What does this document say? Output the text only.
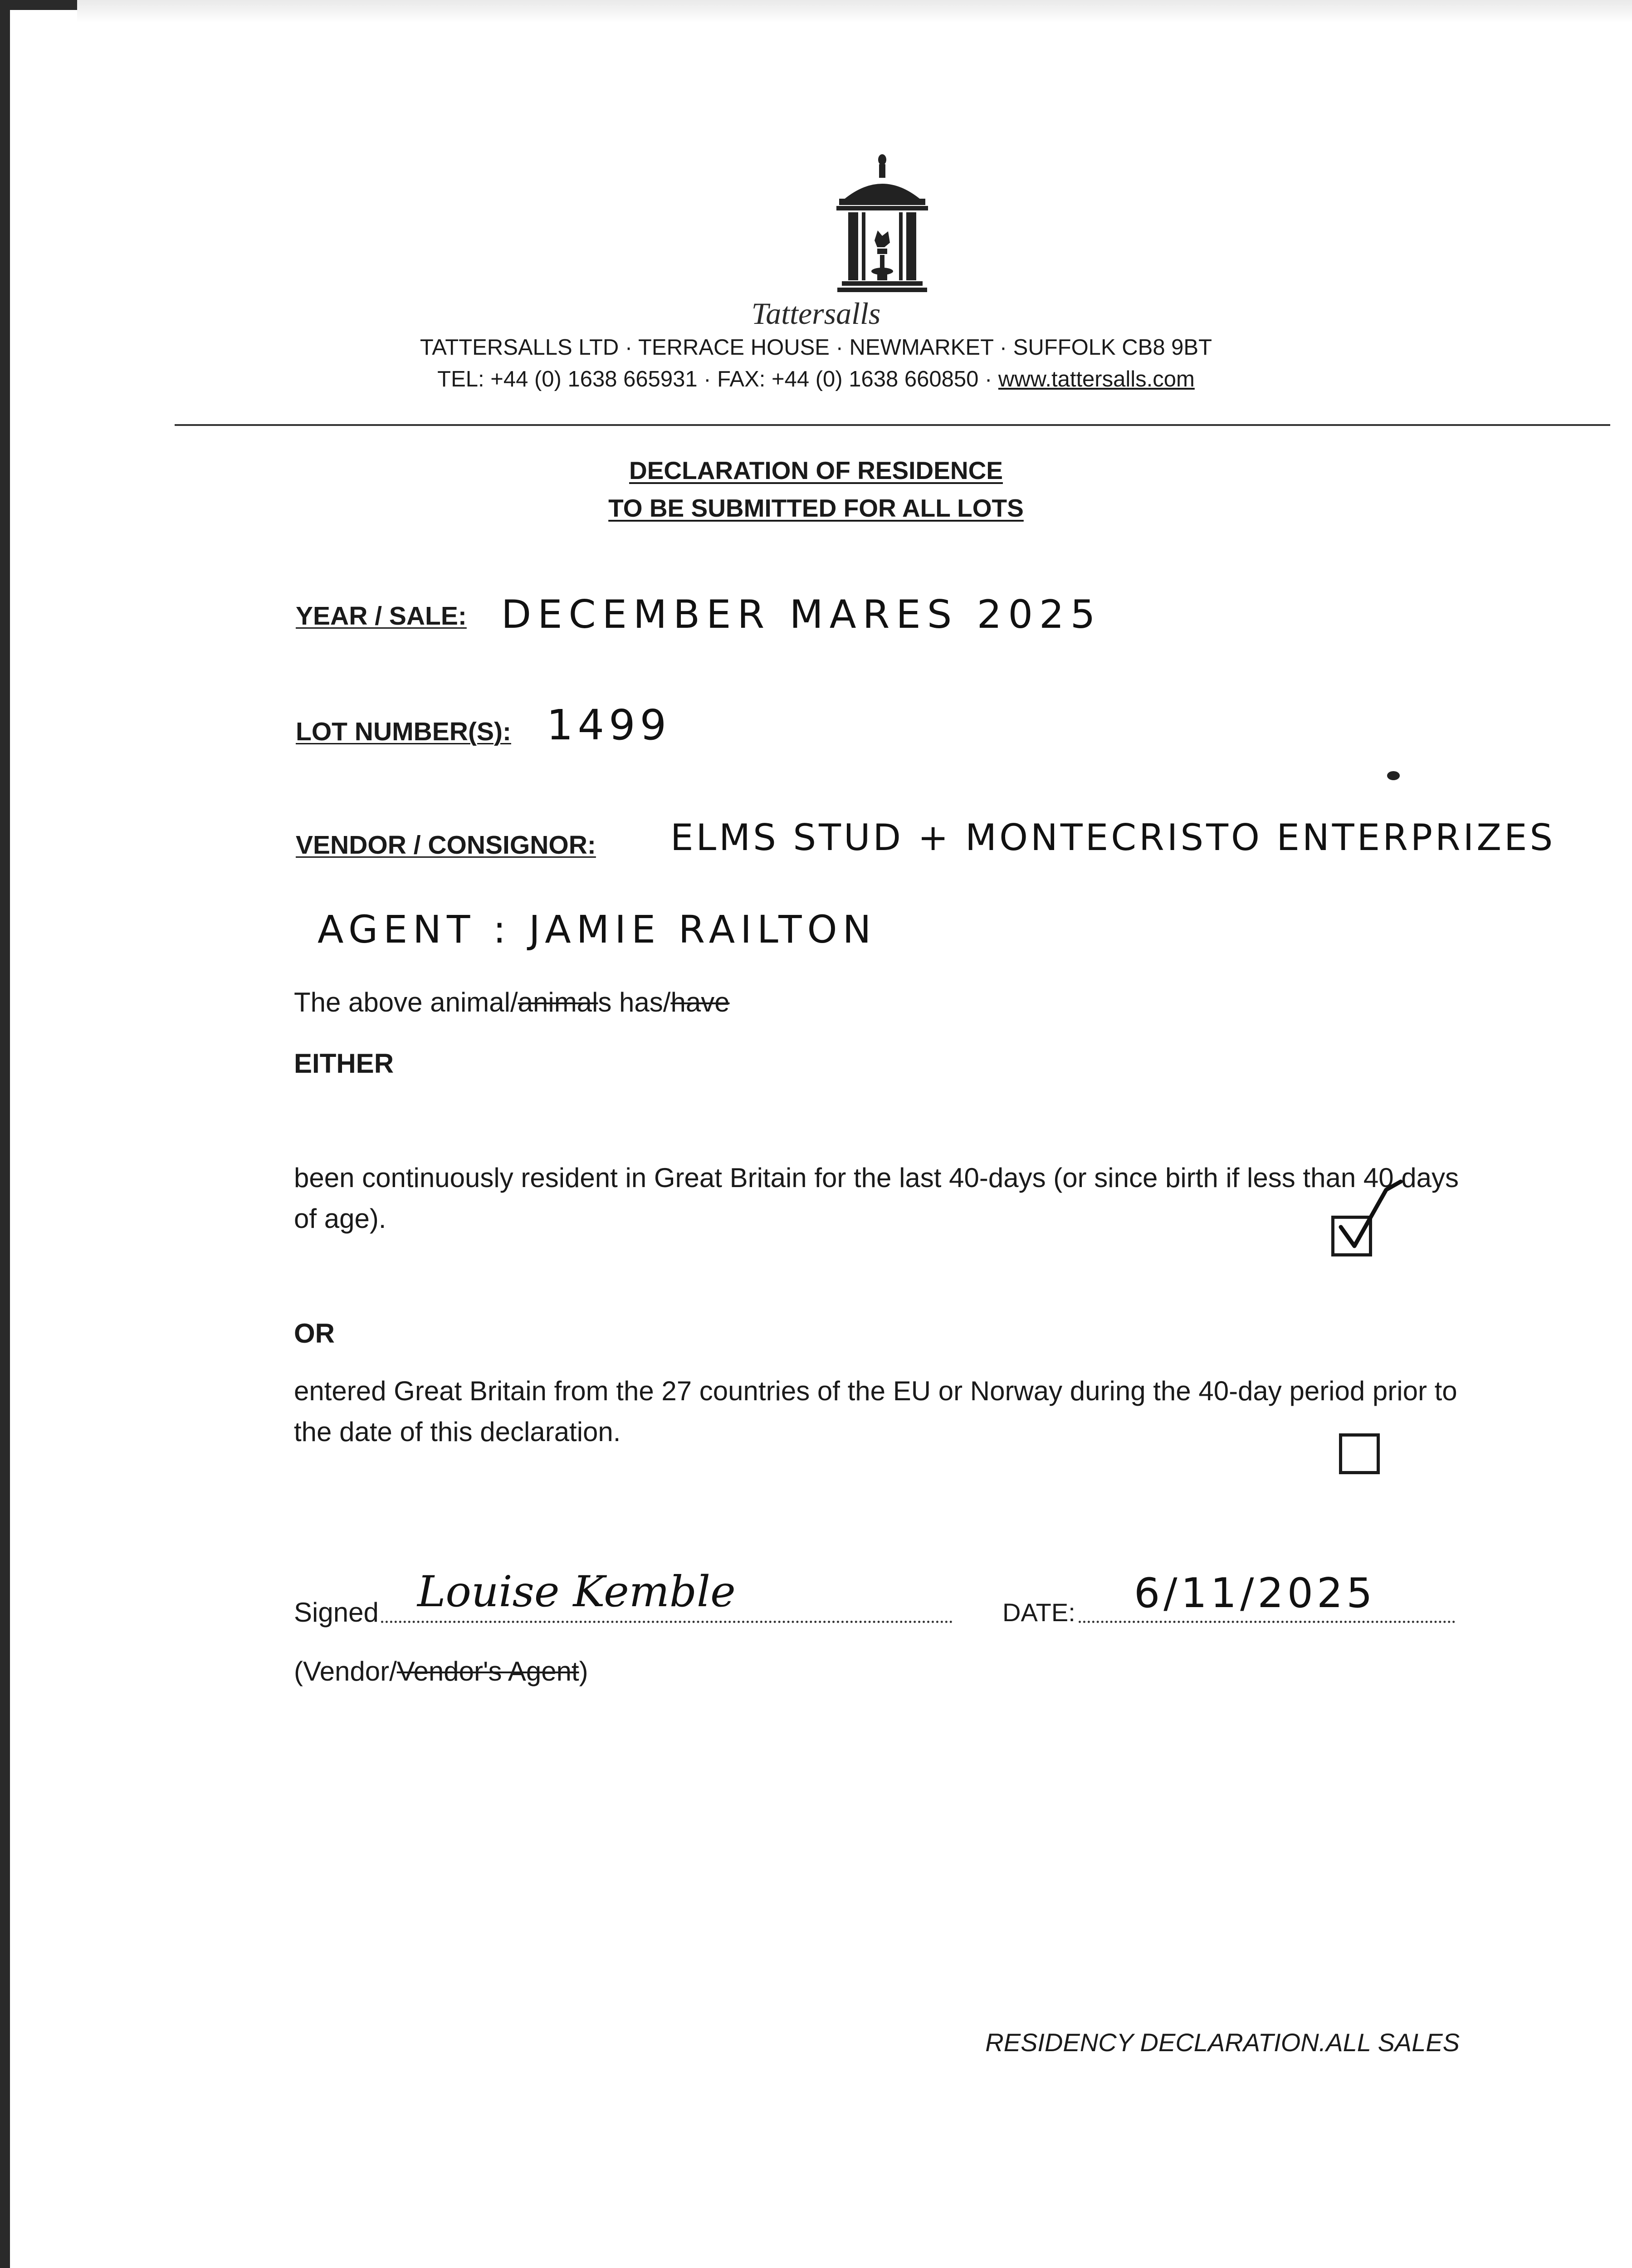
Tattersalls
TATTERSALLS LTD · TERRACE HOUSE · NEWMARKET · SUFFOLK CB8 9BT
TEL: +44 (0) 1638 665931 · FAX: +44 (0) 1638 660850 · www.tattersalls.com
DECLARATION OF RESIDENCE
TO BE SUBMITTED FOR ALL LOTS
YEAR / SALE: DECEMBER MARES 2025
LOT NUMBER(S): 1499
VENDOR / CONSIGNOR: ELMS STUD + MONTECRISTO ENTERPRIZES
AGENT : JAMIE RAILTON
The above animal/animals has/have
EITHER
been continuously resident in Great Britain for the last 40-days (or since birth if less than 40 days of age).
OR
entered Great Britain from the 27 countries of the EU or Norway during the 40-day period prior to the date of this declaration.
Signed Louise Kemble	DATE: 6/11/2025
(Vendor/Vendor's Agent)
RESIDENCY DECLARATION.ALL SALES
